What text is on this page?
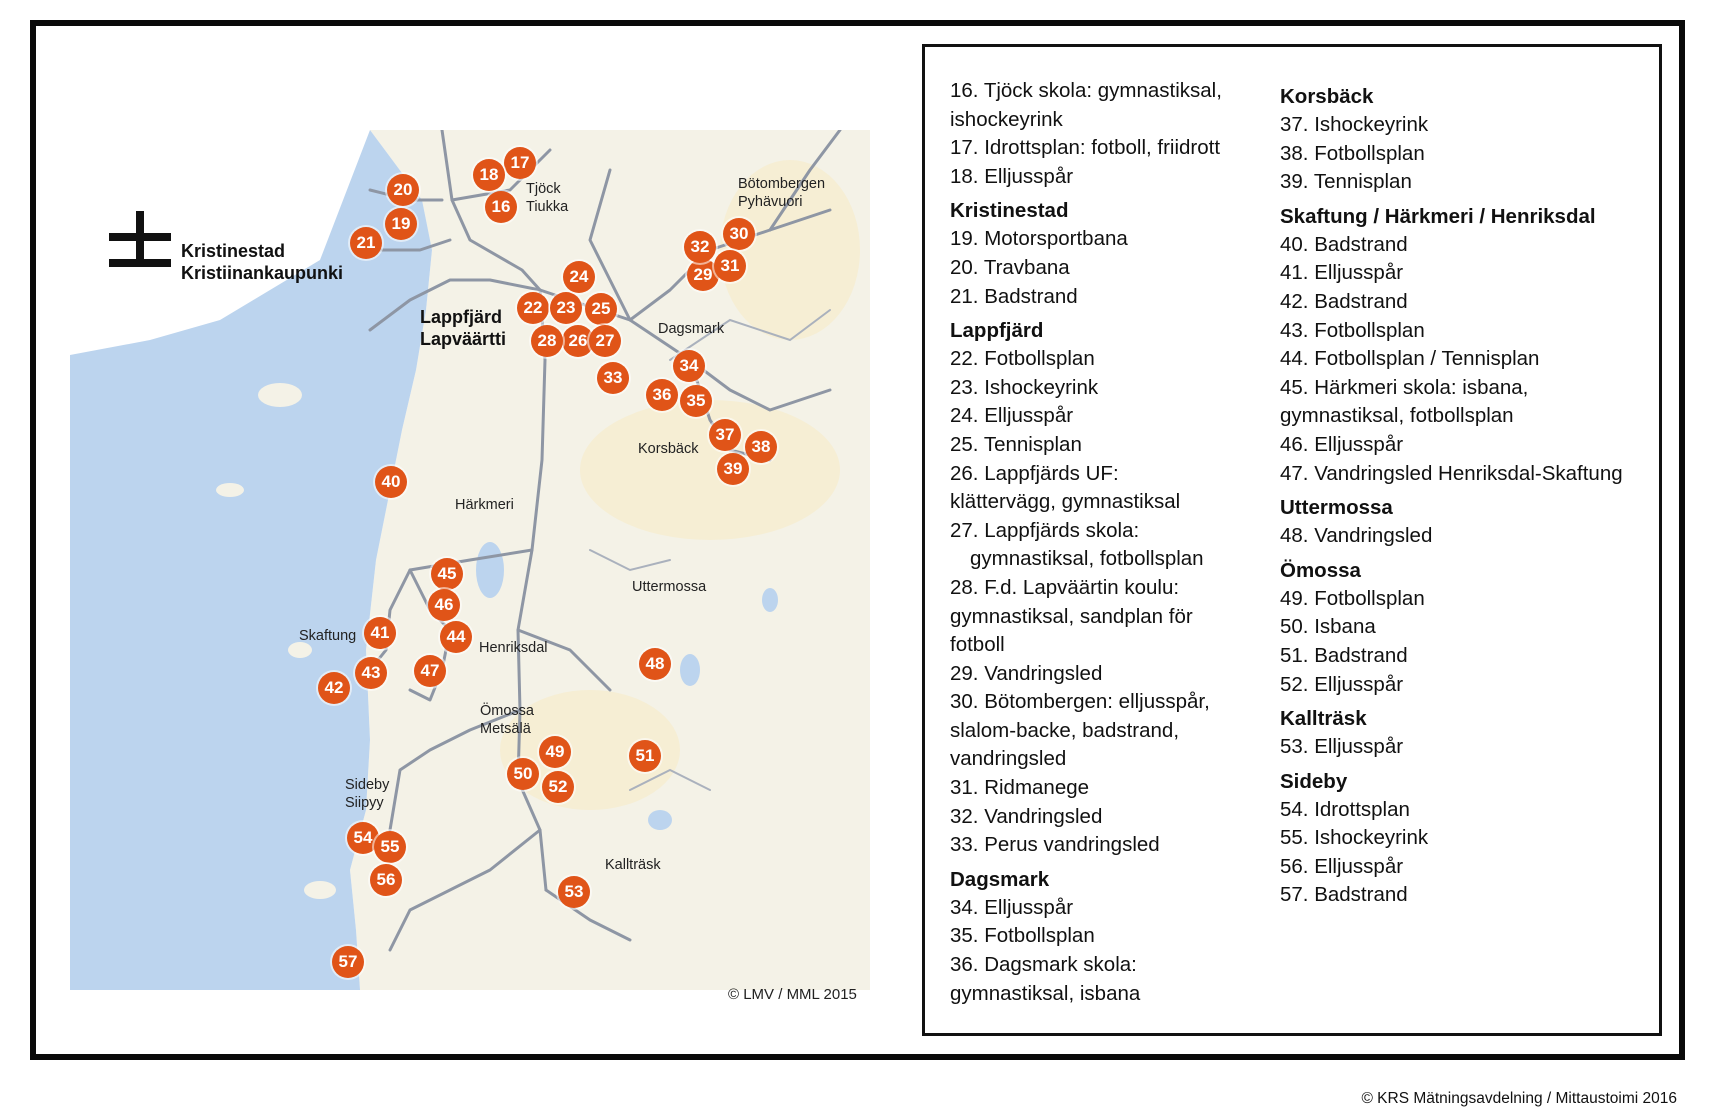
Kristinestad
Kristiinankaupunki
Tjöck
Tiukka
Bötombergen
Pyhävuori
Lappfjärd
Lapväärtti	Dagsmark
Korsbäck
Härkmeri
Uttermossa
Skaftung
Henriksdal
Ömossa
Metsälä
Sideby
Siipyy
Kallträsk
16
17
18
19
20
21
22 23
24
25
26 27
28
29
30
31
32
33
34
35
36
37
38
39
40
41
42
43
44
45
46
47	48
49
50
51
52
53
54 55
56
57
© LMV / MML 2015
16. Tjöck skola: gymnastiksal,
ishockeyrink
17. Idrottsplan: fotboll, friidrott
18. Elljusspår
Kristinestad
19. Motorsportbana
20. Travbana
21. Badstrand
Lappfjärd
22. Fotbollsplan
23. Ishockeyrink
24. Elljusspår
25. Tennisplan
26. Lappfjärds UF:
klättervägg, gymnastiksal
27. Lappfjärds skola:
gymnastiksal, fotbollsplan
28. F.d. Lapväärtin koulu:
gymnastiksal, sandplan för
fotboll
29. Vandringsled
30. Bötombergen: elljusspår,
slalom-backe, badstrand,
vandringsled
31. Ridmanege
32. Vandringsled
33. Perus vandringsled
Dagsmark
34. Elljusspår
35. Fotbollsplan
36. Dagsmark skola:
gymnastiksal, isbana
Korsbäck
37. Ishockeyrink
38. Fotbollsplan
39. Tennisplan
Skaftung / Härkmeri / Henriksdal
40. Badstrand
41. Elljusspår
42. Badstrand
43. Fotbollsplan
44. Fotbollsplan / Tennisplan
45. Härkmeri skola: isbana,
gymnastiksal, fotbollsplan
46. Elljusspår
47. Vandringsled Henriksdal-Skaftung
Uttermossa
48. Vandringsled
Ömossa
49. Fotbollsplan
50. Isbana
51. Badstrand
52. Elljusspår
Kallträsk
53. Elljusspår
Sideby
54. Idrottsplan
55. Ishockeyrink
56. Elljusspår
57. Badstrand
© KRS Mätningsavdelning / Mittaustoimi 2016
